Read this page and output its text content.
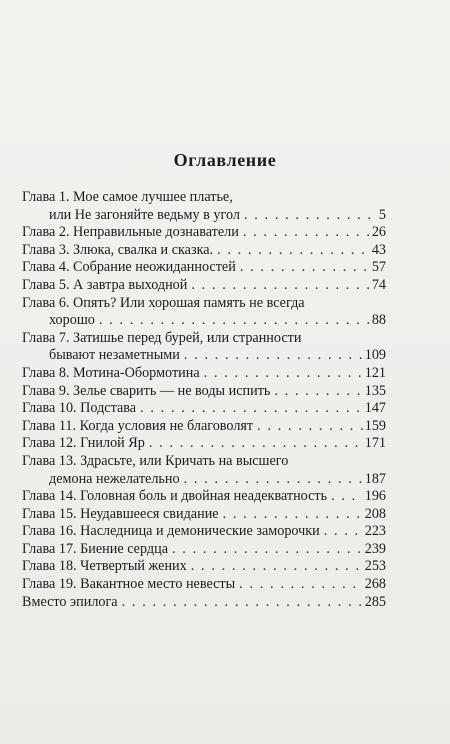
Оглавление
Глава 1. Мое самое лучшее платье,
или Не загоняйте ведьму в угол . . .	5
Глава 2. Неправильные дознаватели . . .	26
Глава 3. Злюка, свалка и сказка. . . .	43
Глава 4. Собрание неожиданностей . . .	57
Глава 5. А завтра выходной . . .	74
Глава 6. Опять? Или хорошая память не всегда
хорошо . . .	88
Глава 7. Затишье перед бурей, или странности
бывают незаметными . . .	109
Глава 8. Мотина-Обормотина . . .	121
Глава 9. Зелье сварить — не воды испить . . .	135
Глава 10. Подстава . . .	147
Глава 11. Когда условия не благоволят . . .	159
Глава 12. Гнилой Яр . . .	171
Глава 13. Здрасьте, или Кричать на высшего
демона нежелательно . . .	187
Глава 14. Головная боль и двойная неадекватность . . .	196
Глава 15. Неудавшееся свидание . . .	208
Глава 16. Наследница и демонические заморочки . . .	223
Глава 17. Биение сердца . . .	239
Глава 18. Четвертый жених . . .	253
Глава 19. Вакантное место невесты . . .	268
Вместо эпилога . . .	285
